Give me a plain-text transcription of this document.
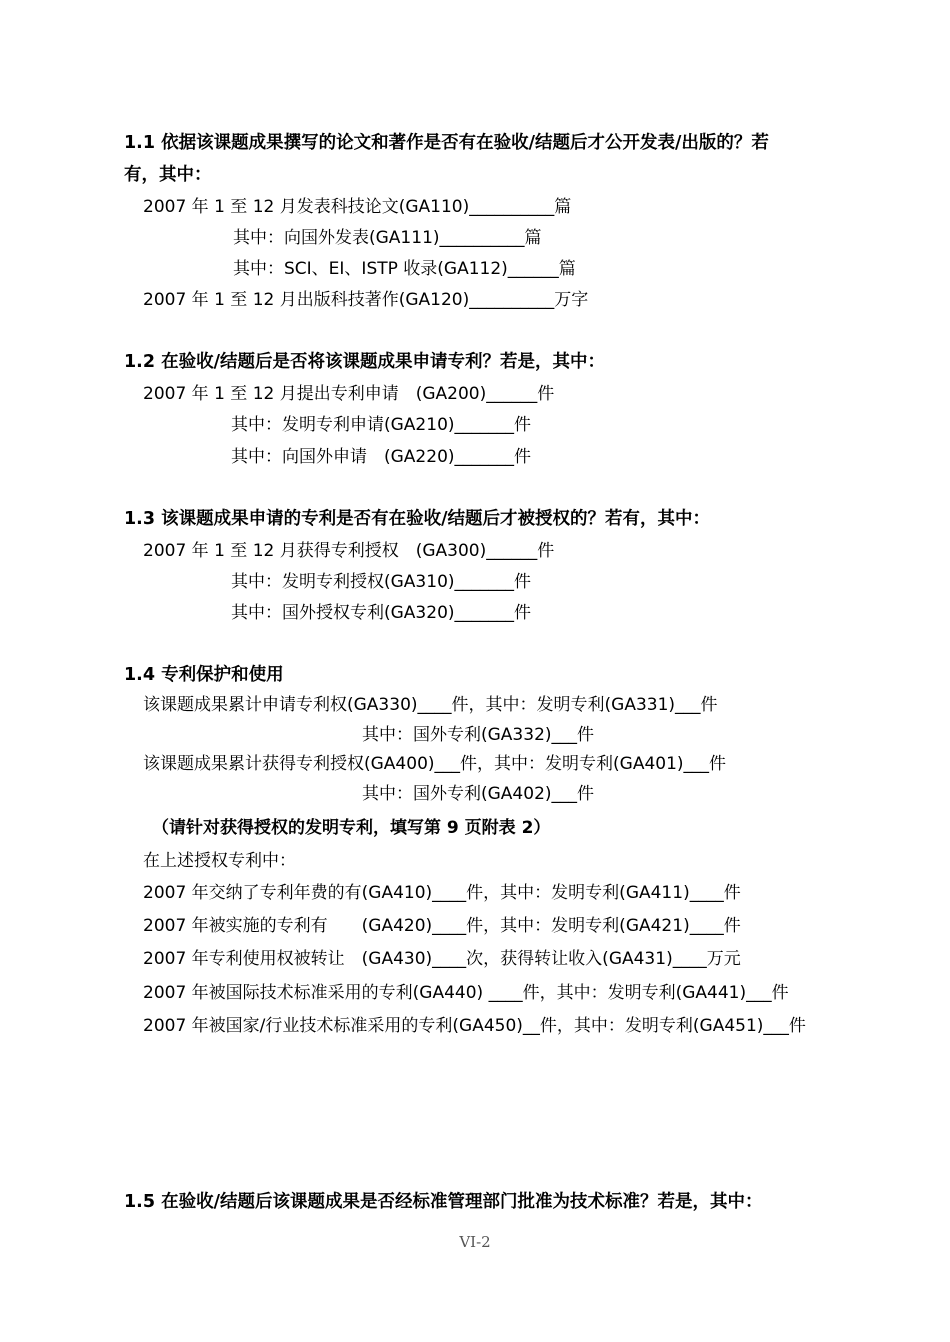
1.1 依据该课题成果撰写的论文和著作是否有在验收/结题后才公开发表/出版的？若
有，其中：
2007 年 1 至 12 月发表科技论文(GA110)__________篇
其中：向国外发表(GA111)__________篇
其中：SCI、EI、ISTP 收录(GA112)______篇
2007 年 1 至 12 月出版科技著作(GA120)__________万字
1.2 在验收/结题后是否将该课题成果申请专利？若是，其中：
2007 年 1 至 12 月提出专利申请　(GA200)______件
其中：发明专利申请(GA210)_______件
其中：向国外申请　(GA220)_______件
1.3 该课题成果申请的专利是否有在验收/结题后才被授权的？若有，其中：
2007 年 1 至 12 月获得专利授权　(GA300)______件
其中：发明专利授权(GA310)_______件
其中：国外授权专利(GA320)_______件
1.4 专利保护和使用
该课题成果累计申请专利权(GA330)____件，其中：发明专利(GA331)___件
其中：国外专利(GA332)___件
该课题成果累计获得专利授权(GA400)___件，其中：发明专利(GA401)___件
其中：国外专利(GA402)___件
（请针对获得授权的发明专利，填写第 9 页附表 2）
在上述授权专利中：
2007 年交纳了专利年费的有(GA410)____件，其中：发明专利(GA411)____件
2007 年被实施的专利有　　(GA420)____件，其中：发明专利(GA421)____件
2007 年专利使用权被转让　(GA430)____次，获得转让收入(GA431)____万元
2007 年被国际技术标准采用的专利(GA440) ____件，其中：发明专利(GA441)___件
2007 年被国家/行业技术标准采用的专利(GA450)__件，其中：发明专利(GA451)___件
1.5 在验收/结题后该课题成果是否经标准管理部门批准为技术标准？若是，其中：
VI-2
